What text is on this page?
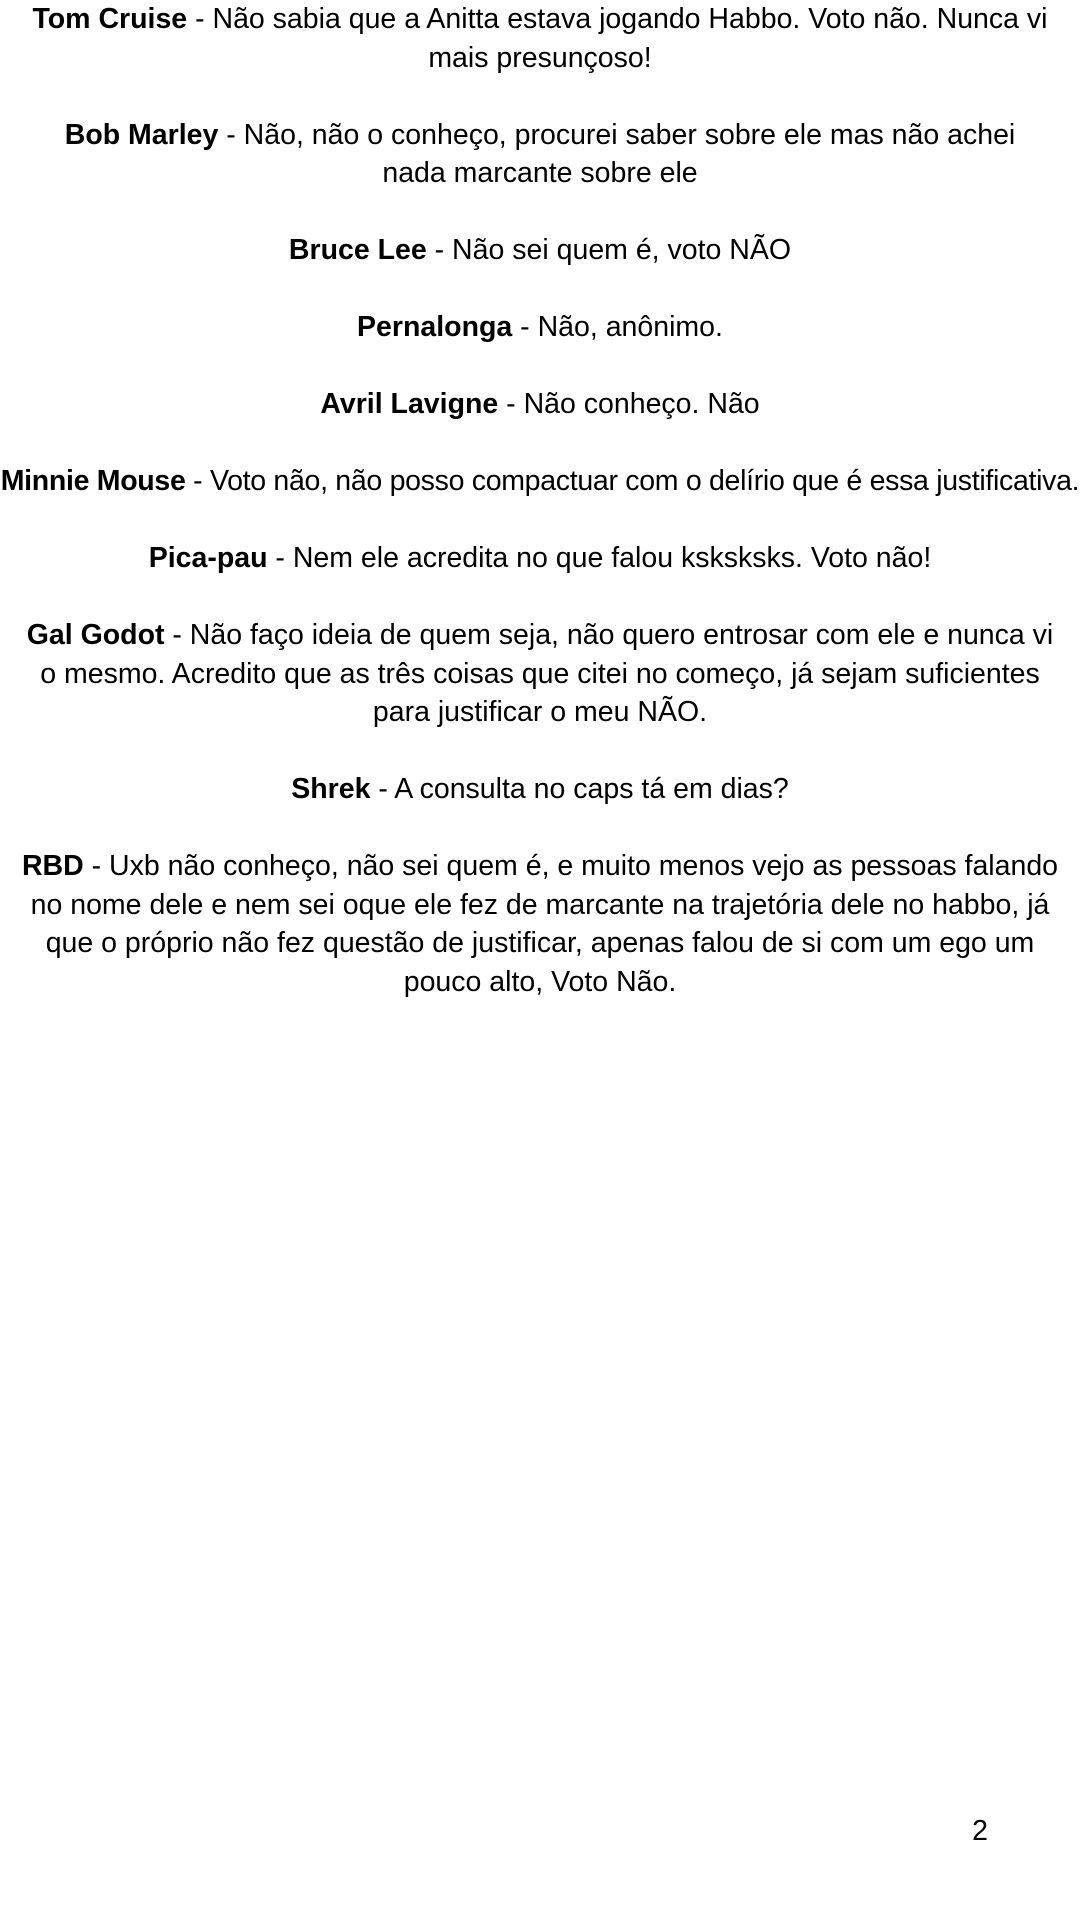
Tom Cruise - Não sabia que a Anitta estava jogando Habbo. Voto não. Nunca vi mais presunçoso!

Bob Marley - Não, não o conheço, procurei saber sobre ele mas não achei nada marcante sobre ele

Bruce Lee - Não sei quem é, voto NÃO

Pernalonga - Não, anônimo.

Avril Lavigne - Não conheço. Não

Minnie Mouse - Voto não, não posso compactuar com o delírio que é essa justificativa.

Pica-pau - Nem ele acredita no que falou ksksksks. Voto não!

Gal Godot - Não faço ideia de quem seja, não quero entrosar com ele e nunca vi o mesmo. Acredito que as três coisas que citei no começo, já sejam suficientes para justificar o meu NÃO.

Shrek - A consulta no caps tá em dias?

RBD - Uxb não conheço, não sei quem é, e muito menos vejo as pessoas falando no nome dele e nem sei oque ele fez de marcante na trajetória dele no habbo, já que o próprio não fez questão de justificar, apenas falou de si com um ego um pouco alto, Voto Não.

2
